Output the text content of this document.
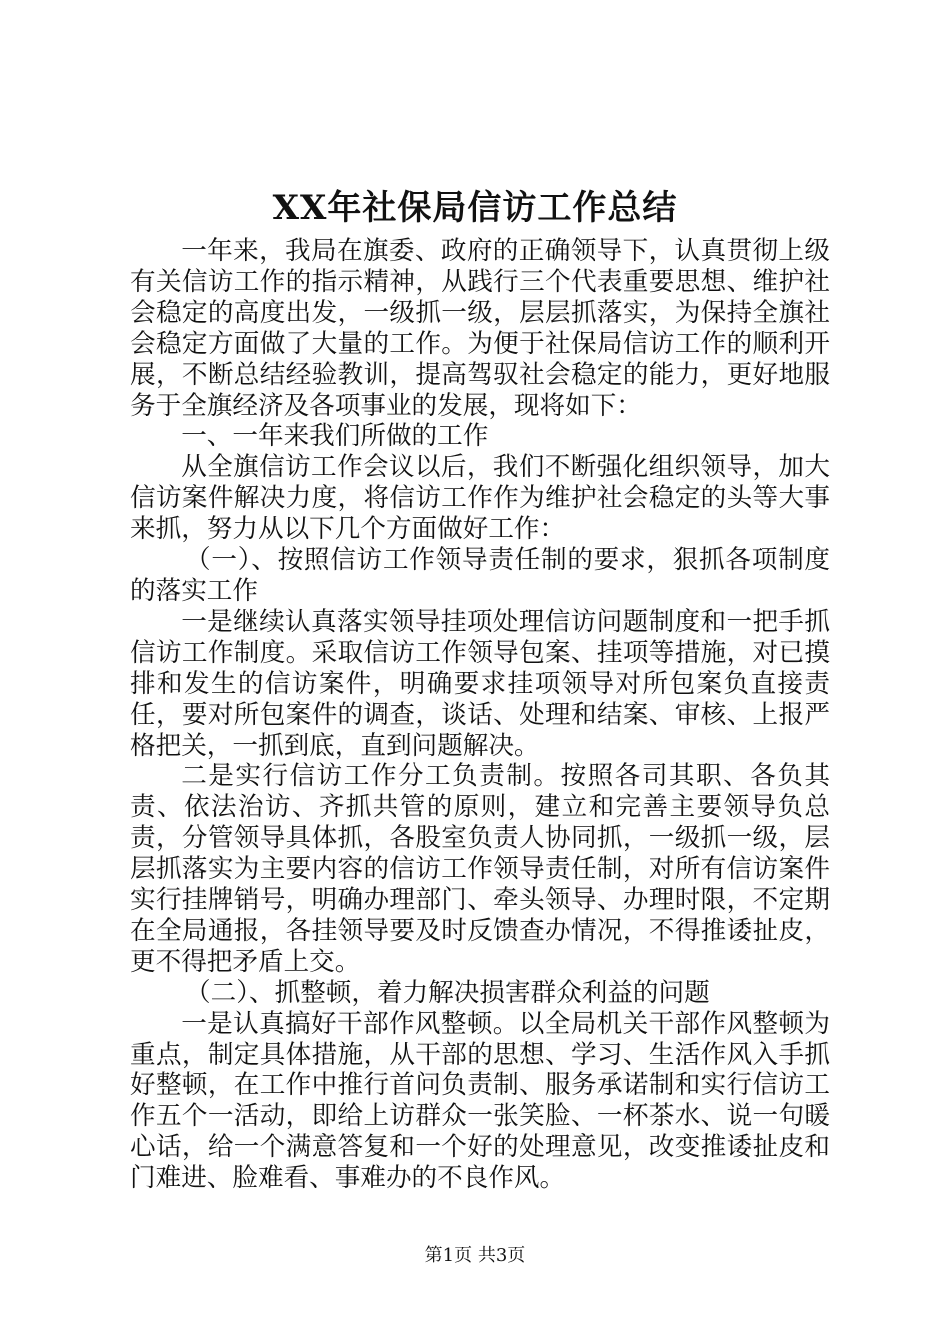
XX年社保局信访工作总结

一年来，我局在旗委、政府的正确领导下，认真贯彻上级有关信访工作的指示精神，从践行三个代表重要思想、维护社会稳定的高度出发，一级抓一级，层层抓落实，为保持全旗社会稳定方面做了大量的工作。为便于社保局信访工作的顺利开展，不断总结经验教训，提高驾驭社会稳定的能力，更好地服务于全旗经济及各项事业的发展，现将如下：

一、一年来我们所做的工作

从全旗信访工作会议以后，我们不断强化组织领导，加大信访案件解决力度，将信访工作作为维护社会稳定的头等大事来抓，努力从以下几个方面做好工作：

（一）、按照信访工作领导责任制的要求，狠抓各项制度的落实工作

一是继续认真落实领导挂项处理信访问题制度和一把手抓信访工作制度。采取信访工作领导包案、挂项等措施，对已摸排和发生的信访案件，明确要求挂项领导对所包案负直接责任，要对所包案件的调查，谈话、处理和结案、审核、上报严格把关，一抓到底，直到问题解决。

二是实行信访工作分工负责制。按照各司其职、各负其责、依法治访、齐抓共管的原则，建立和完善主要领导负总责，分管领导具体抓，各股室负责人协同抓，一级抓一级，层层抓落实为主要内容的信访工作领导责任制，对所有信访案件实行挂牌销号，明确办理部门、牵头领导、办理时限，不定期在全局通报，各挂领导要及时反馈查办情况，不得推诿扯皮，更不得把矛盾上交。

（二）、抓整顿，着力解决损害群众利益的问题

一是认真搞好干部作风整顿。以全局机关干部作风整顿为重点，制定具体措施，从干部的思想、学习、生活作风入手抓好整顿，在工作中推行首问负责制、服务承诺制和实行信访工作五个一活动，即给上访群众一张笑脸、一杯茶水、说一句暖心话，给一个满意答复和一个好的处理意见，改变推诿扯皮和门难进、脸难看、事难办的不良作风。

第1页 共3页
